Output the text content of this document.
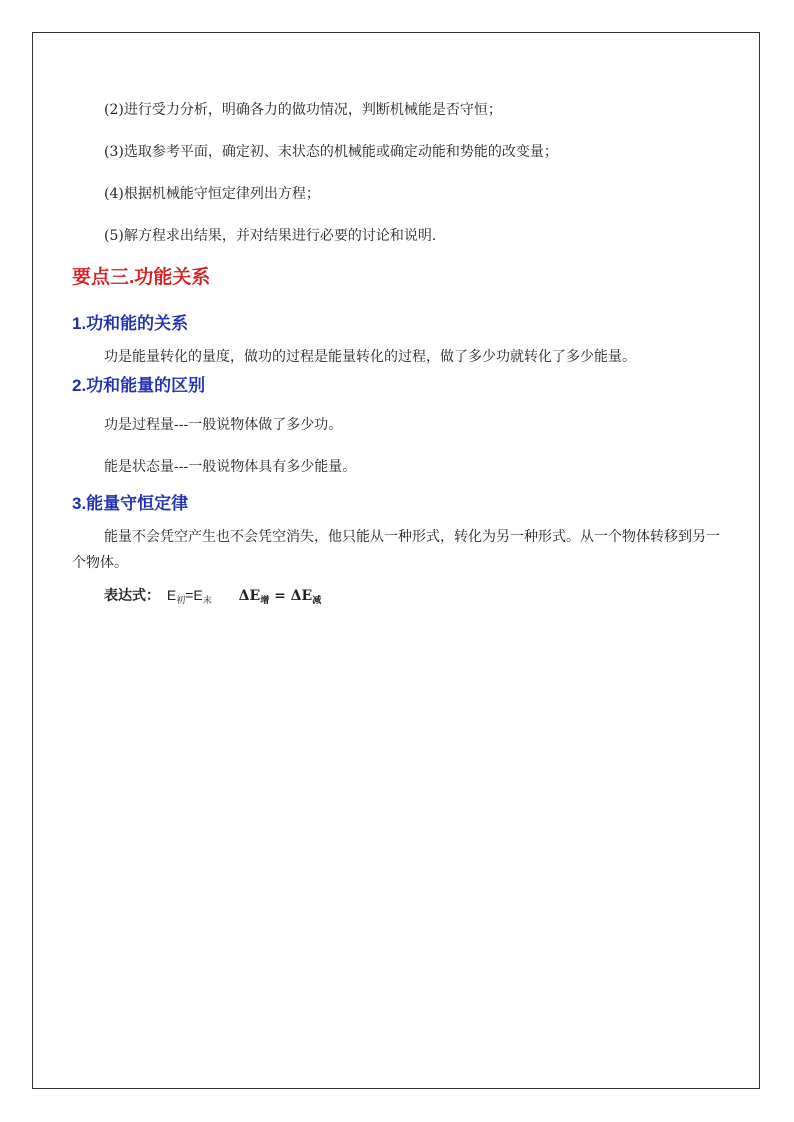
(2)进行受力分析，明确各力的做功情况，判断机械能是否守恒；

(3)选取参考平面，确定初、末状态的机械能或确定动能和势能的改变量；

(4)根据机械能守恒定律列出方程；

(5)解方程求出结果，并对结果进行必要的讨论和说明.

要点三.功能关系
1.功和能的关系

功是能量转化的量度，做功的过程是能量转化的过程，做了多少功就转化了多少能量。

2.功和能量的区别

功是过程量---一般说物体做了多少功。

能是状态量---一般说物体具有多少能量。

3.能量守恒定律

能量不会凭空产生也不会凭空消失，他只能从一种形式，转化为另一种形式。从一个物体转移到另一个物体。

表达式： $E_初=E_末$ $\Delta E_增 = \Delta E_减$
